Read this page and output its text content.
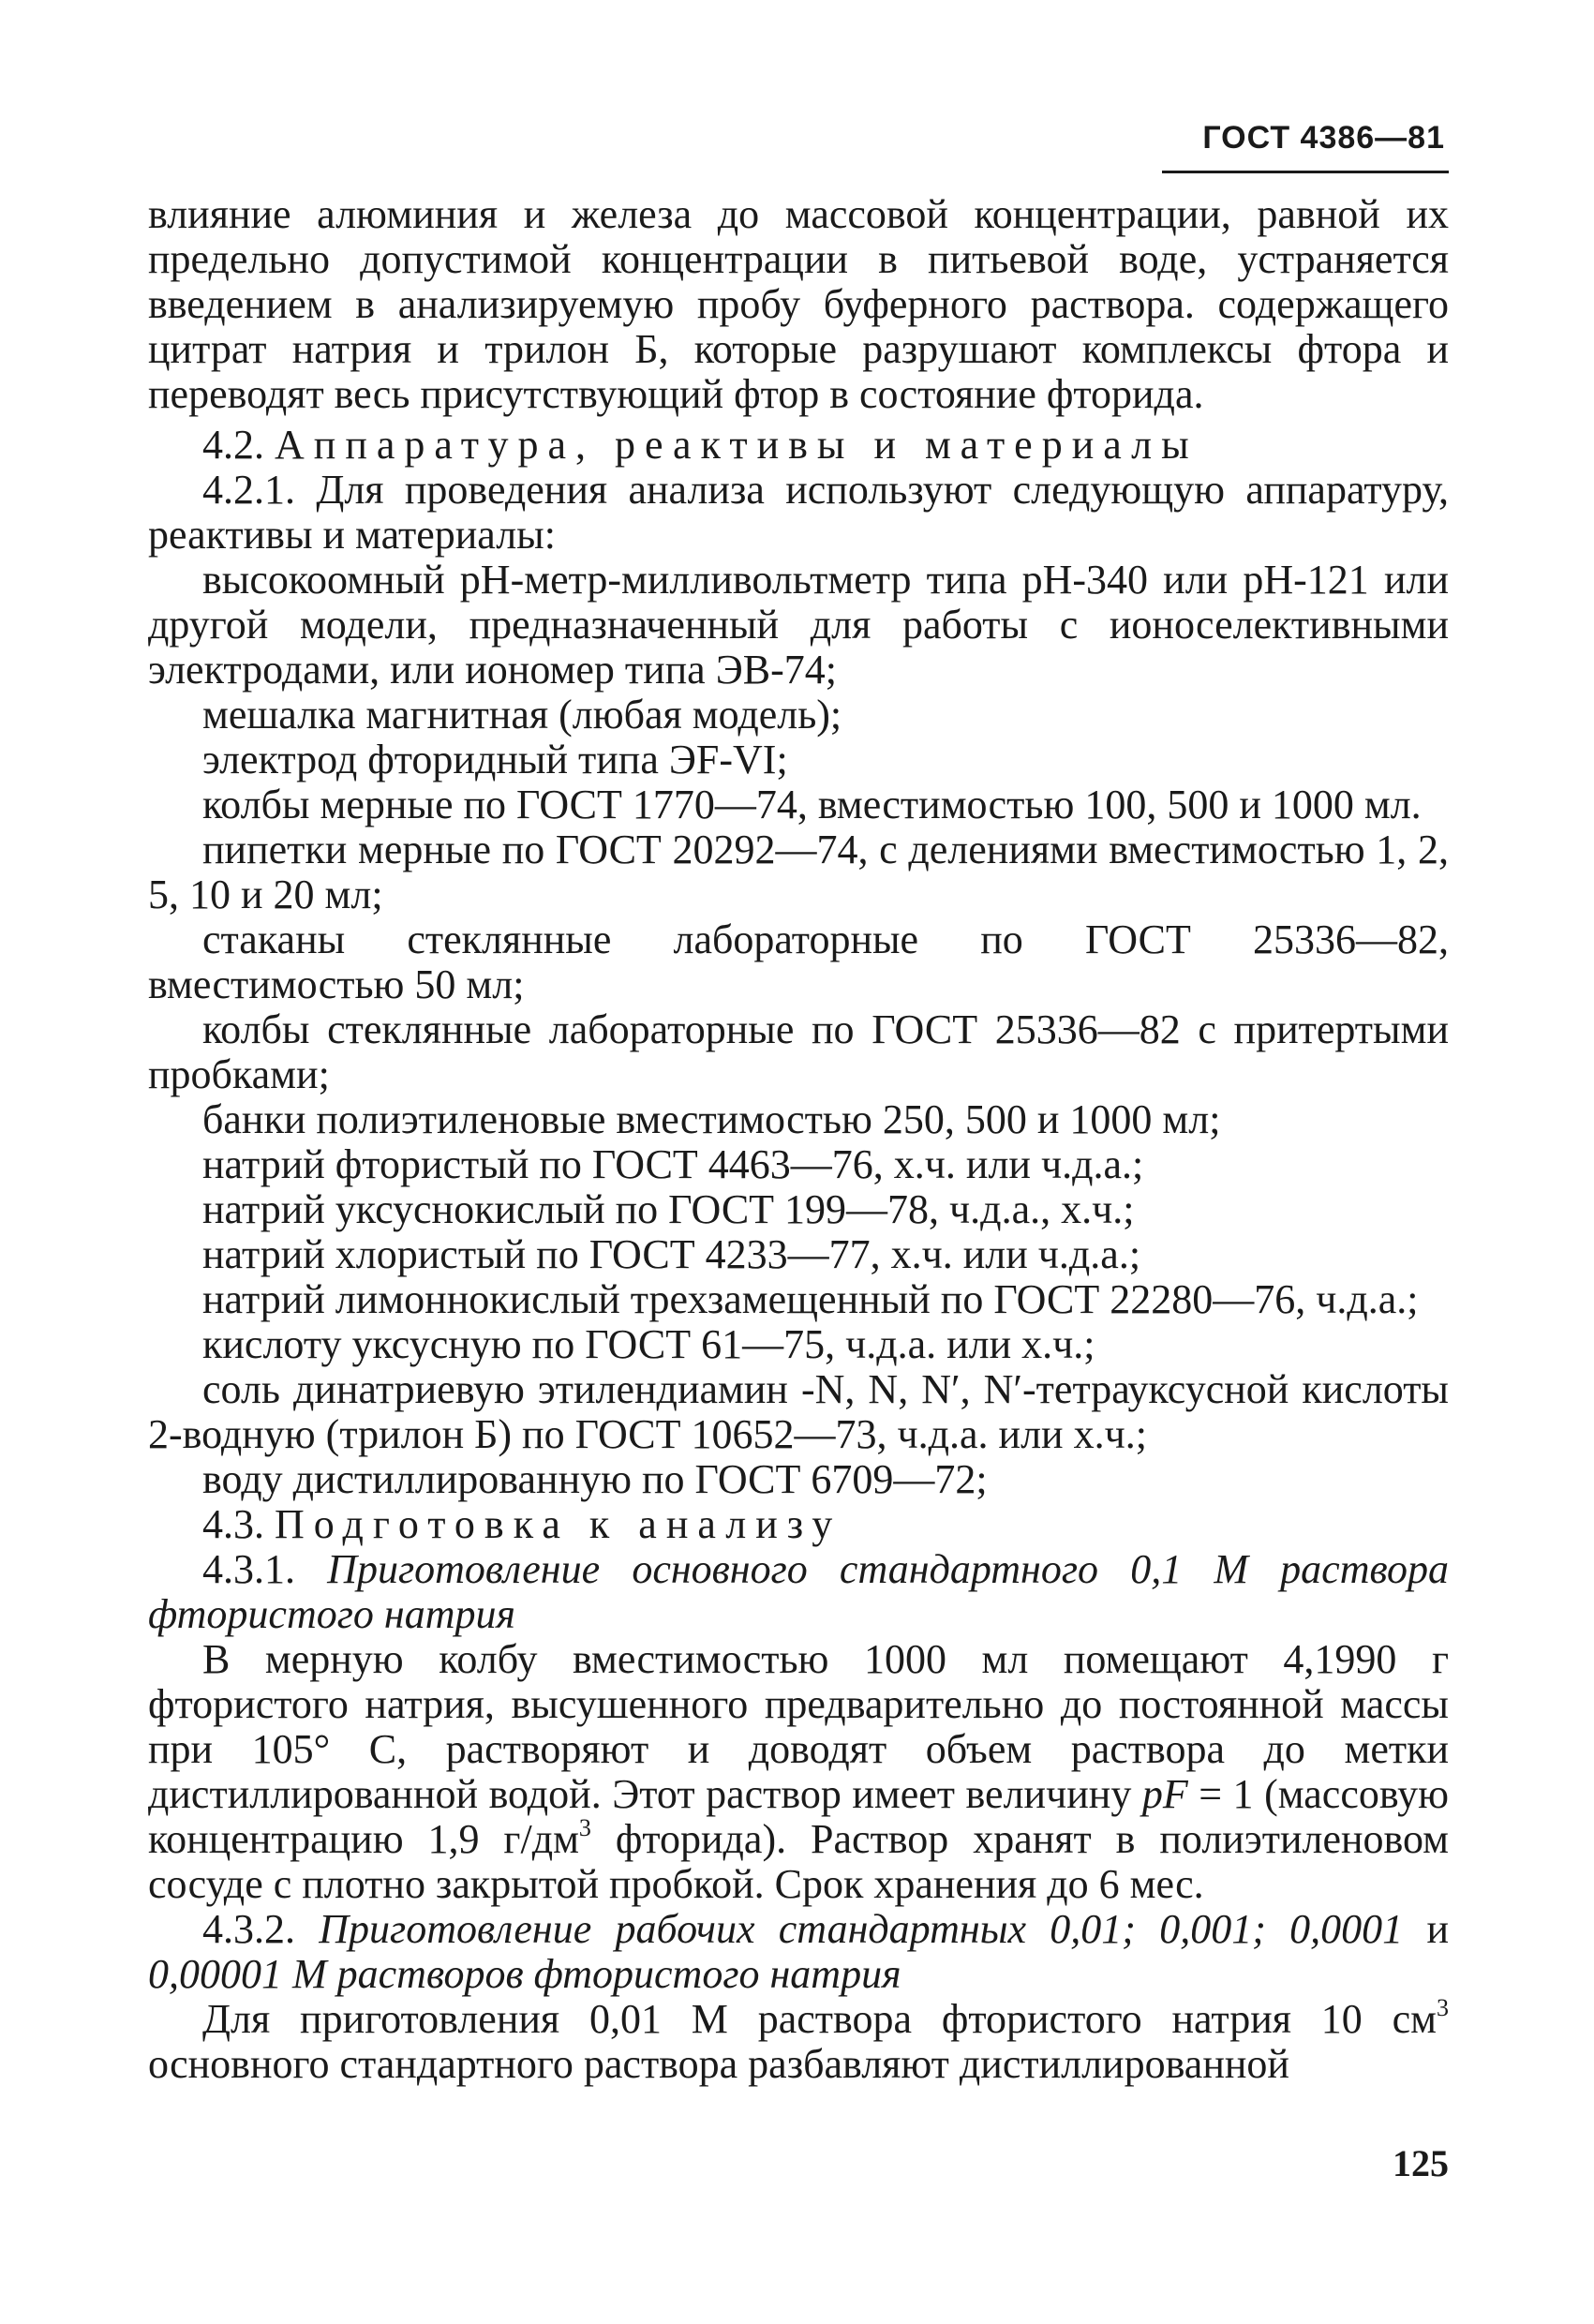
ГОСТ 4386—81

влияние алюминия и железа до массовой концентрации, равной их предельно допустимой концентрации в питьевой воде, устраняется введением в анализируемую пробу буферного раствора. содержащего цитрат натрия и трилон Б, которые разрушают комплексы фтора и переводят весь присутствующий фтор в состояние фторида.

4.2. Аппаратура, реактивы и материалы

4.2.1. Для проведения анализа используют следующую аппаратуру, реактивы и материалы:

высокоомный рН-метр-милливольтметр типа рН-340 или рН-121 или другой модели, предназначенный для работы с ионоселективными электродами, или иономер типа ЭВ-74;

мешалка магнитная (любая модель);

электрод фторидный типа ЭF-VI;

колбы мерные по ГОСТ 1770—74, вместимостью 100, 500 и 1000 мл.

пипетки мерные по ГОСТ 20292—74, с делениями вместимостью 1, 2, 5, 10 и 20 мл;

стаканы стеклянные лабораторные по ГОСТ 25336—82, вместимостью 50 мл;

колбы стеклянные лабораторные по ГОСТ 25336—82 с притертыми пробками;

банки полиэтиленовые вместимостью 250, 500 и 1000 мл;

натрий фтористый по ГОСТ 4463—76, х.ч. или ч.д.а.;

натрий уксуснокислый по ГОСТ 199—78, ч.д.а., х.ч.;

натрий хлористый по ГОСТ 4233—77, х.ч. или ч.д.а.;

натрий лимоннокислый трехзамещенный по ГОСТ 22280—76, ч.д.а.;

кислоту уксусную по ГОСТ 61—75, ч.д.а. или х.ч.;

соль динатриевую этилендиамин -N, N, N′, N′-тетрауксусной кислоты 2-водную (трилон Б) по ГОСТ 10652—73, ч.д.а. или х.ч.;

воду дистиллированную по ГОСТ 6709—72;

4.3. Подготовка к анализу

4.3.1. Приготовление основного стандартного 0,1 М раствора фтористого натрия

В мерную колбу вместимостью 1000 мл помещают 4,1990 г фтористого натрия, высушенного предварительно до постоянной массы при 105° С, растворяют и доводят объем раствора до метки дистиллированной водой. Этот раствор имеет величину pF = 1 (массовую концентрацию 1,9 $г/дм^3$ фторида). Раствор хранят в полиэтиленовом сосуде с плотно закрытой пробкой. Срок хранения до 6 мес.

4.3.2. Приготовление рабочих стандартных 0,01; 0,001; 0,0001 и 0,00001 М растворов фтористого натрия

Для приготовления 0,01 М раствора фтористого натрия 10 $см^3$ основного стандартного раствора разбавляют дистиллированной

125
